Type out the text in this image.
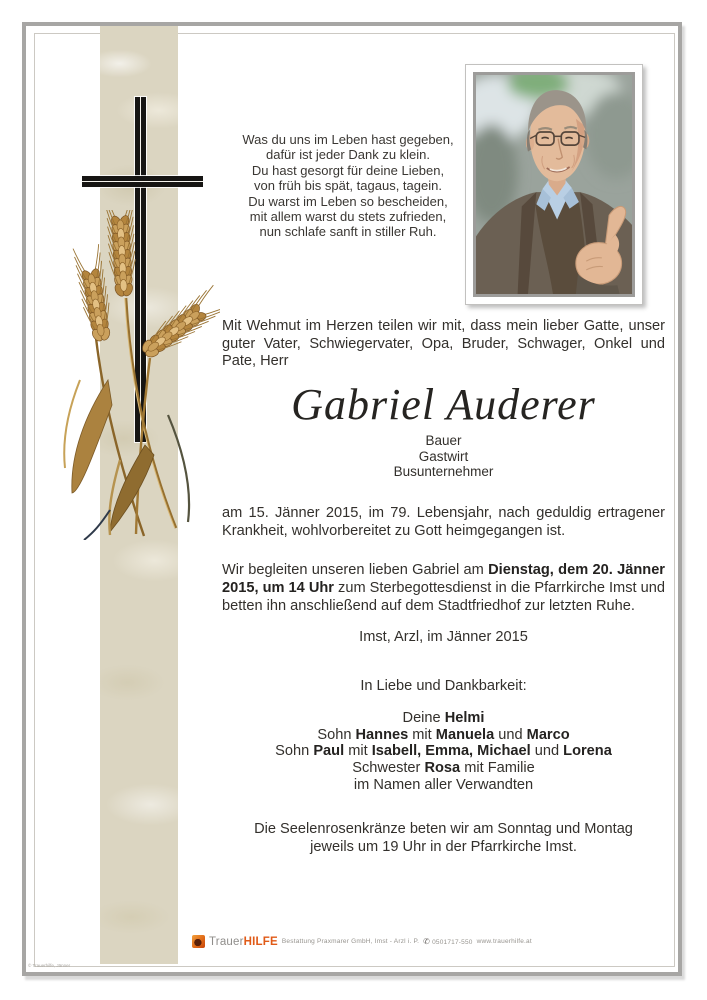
Was du uns im Leben hast gegeben,
dafür ist jeder Dank zu klein.
Du hast gesorgt für deine Lieben,
von früh bis spät, tagaus, tagein.
Du warst im Leben so bescheiden,
mit allem warst du stets zufrieden,
nun schlafe sanft in stiller Ruh.
Mit Wehmut im Herzen teilen wir mit, dass mein lieber Gatte, unser guter Vater, Schwiegervater, Opa, Bruder, Schwager, Onkel und Pate, Herr
Gabriel Auderer
Bauer
Gastwirt
Busunternehmer
am 15. Jänner 2015, im 79. Lebensjahr, nach geduldig ertragener Krankheit, wohlvorbereitet zu Gott heimgegangen ist.
Wir begleiten unseren lieben Gabriel am Dienstag, dem 20. Jänner 2015, um 14 Uhr zum Sterbegottesdienst in die Pfarrkirche Imst und betten ihn anschließend auf dem Stadtfriedhof zur letzten Ruhe.
Imst, Arzl, im Jänner 2015
In Liebe und Dankbarkeit:
Deine Helmi
Sohn Hannes mit Manuela und Marco
Sohn Paul mit Isabell, Emma, Michael und Lorena
Schwester Rosa mit Familie
im Namen aller Verwandten
Die Seelenrosenkränze beten wir am Sonntag und Montag
jeweils um 19 Uhr in der Pfarrkirche Imst.
TrauerHILFE Bestattung Praxmarer GmbH, Imst - Arzl i. P. ✆ 0501717-550 www.trauerhilfe.at
© Trauerhilfe, Jänner
